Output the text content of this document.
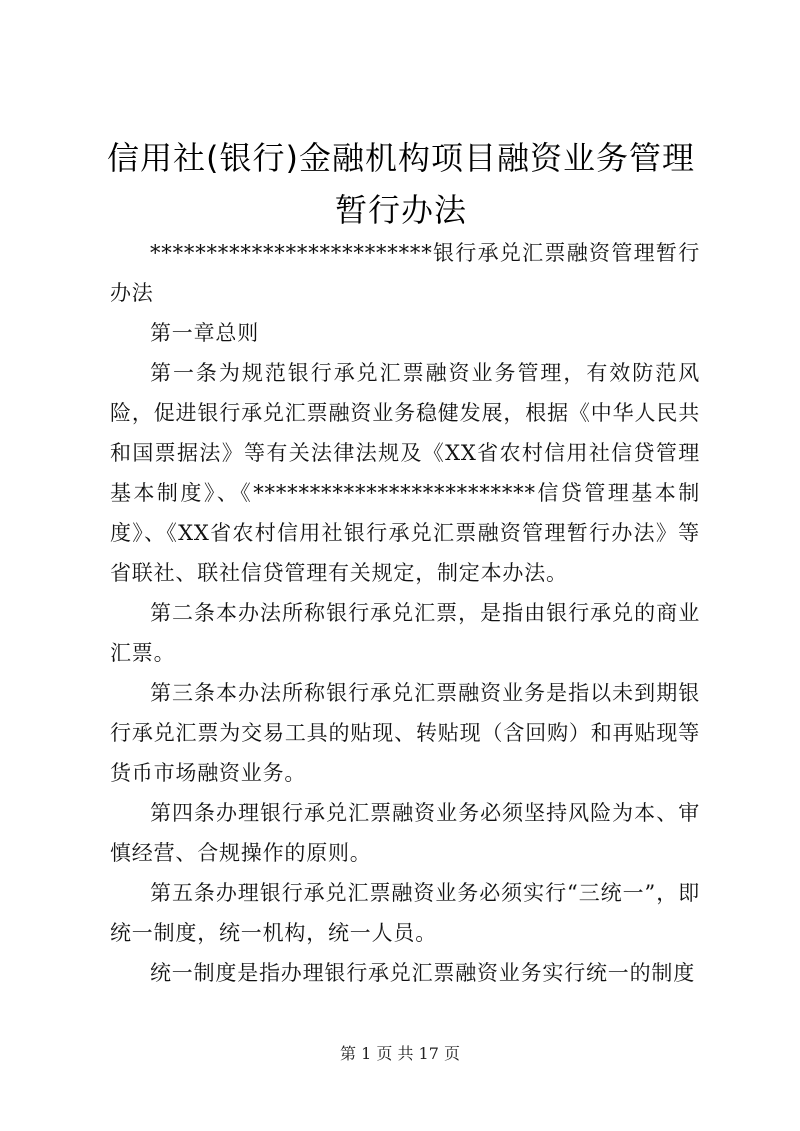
信用社(银行)金融机构项目融资业务管理暂行办法

*************************银行承兑汇票融资管理暂行办法

第一章总则

第一条为规范银行承兑汇票融资业务管理，有效防范风险，促进银行承兑汇票融资业务稳健发展，根据《中华人民共和国票据法》等有关法律法规及《XX省农村信用社信贷管理基本制度》、《*************************信贷管理基本制度》、《XX省农村信用社银行承兑汇票融资管理暂行办法》等省联社、联社信贷管理有关规定，制定本办法。

第二条本办法所称银行承兑汇票，是指由银行承兑的商业汇票。

第三条本办法所称银行承兑汇票融资业务是指以未到期银行承兑汇票为交易工具的贴现、转贴现（含回购）和再贴现等货币市场融资业务。

第四条办理银行承兑汇票融资业务必须坚持风险为本、审慎经营、合规操作的原则。

第五条办理银行承兑汇票融资业务必须实行“三统一”，即统一制度，统一机构，统一人员。

统一制度是指办理银行承兑汇票融资业务实行统一的制度

第 1 页 共 17 页
